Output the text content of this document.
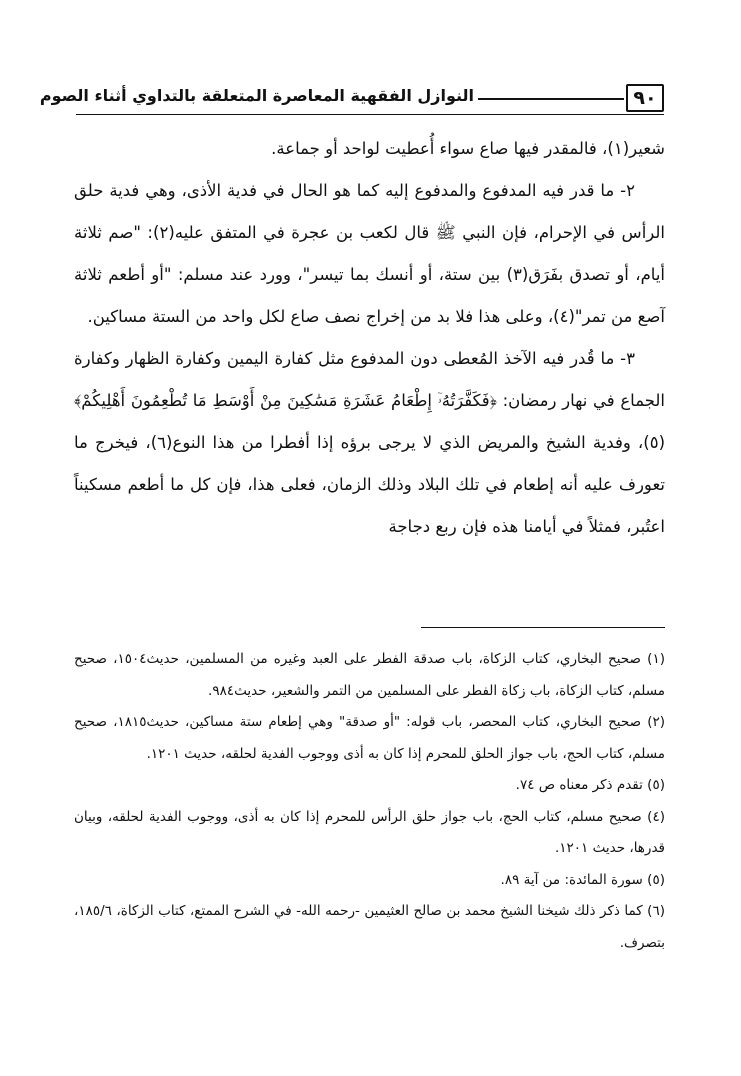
٩٠
النوازل الفقهية المعاصرة المتعلقة بالتداوي أثناء الصوم

شعير(١)، فالمقدر فيها صاع سواء أُعطيت لواحد أو جماعة.

٢- ما قدر فيه المدفوع والمدفوع إليه كما هو الحال في فدية الأذى، وهي فدية حلق الرأس في الإحرام، فإن النبي ﷺ قال لكعب بن عجرة في المتفق عليه(٢): "صم ثلاثة أيام، أو تصدق بفَرَق(٣) بين ستة، أو أنسك بما تيسر"، وورد عند مسلم: "أو أطعم ثلاثة آصع من تمر"(٤)، وعلى هذا فلا بد من إخراج نصف صاع لكل واحد من الستة مساكين.

٣- ما قُدر فيه الآخذ المُعطى دون المدفوع مثل كفارة اليمين وكفارة الظهار وكفارة الجماع في نهار رمضان: ﴿فَكَفَّرَتُهُۥٓ إِطْعَامُ عَشَرَةِ مَسَٰكِينَ مِنْ أَوْسَطِ مَا تُطْعِمُونَ أَهْلِيكُمْ﴾(٥)، وفدية الشيخ والمريض الذي لا يرجى برؤه إذا أفطرا من هذا النوع(٦)، فيخرج ما تعورف عليه أنه إطعام في تلك البلاد وذلك الزمان، فعلى هذا، فإن كل ما أطعم مسكيناً اعتُبر، فمثلاً في أيامنا هذه فإن ربع دجاجة

(١) صحيح البخاري، كتاب الزكاة، باب صدقة الفطر على العبد وغيره من المسلمين، حديث١٥٠٤، صحيح مسلم، كتاب الزكاة، باب زكاة الفطر على المسلمين من التمر والشعير، حديث٩٨٤.

(٢) صحيح البخاري، كتاب المحصر، باب قوله: "أو صدقة" وهي إطعام ستة مساكين، حديث١٨١٥، صحيح مسلم، كتاب الحج، باب جواز الحلق للمحرم إذا كان به أذى ووجوب الفدية لحلقه، حديث ١٢٠١.

(٥) تقدم ذكر معناه ص ٧٤.

(٤) صحيح مسلم، كتاب الحج، باب جواز حلق الرأس للمحرم إذا كان به أذى، ووجوب الفدية لحلقه، وبيان قدرها، حديث ١٢٠١.

(٥) سورة المائدة: من آية ٨٩.

(٦) كما ذكر ذلك شيخنا الشيخ محمد بن صالح العثيمين -رحمه الله- في الشرح الممتع، كتاب الزكاة، ١٨٥/٦، بتصرف.
